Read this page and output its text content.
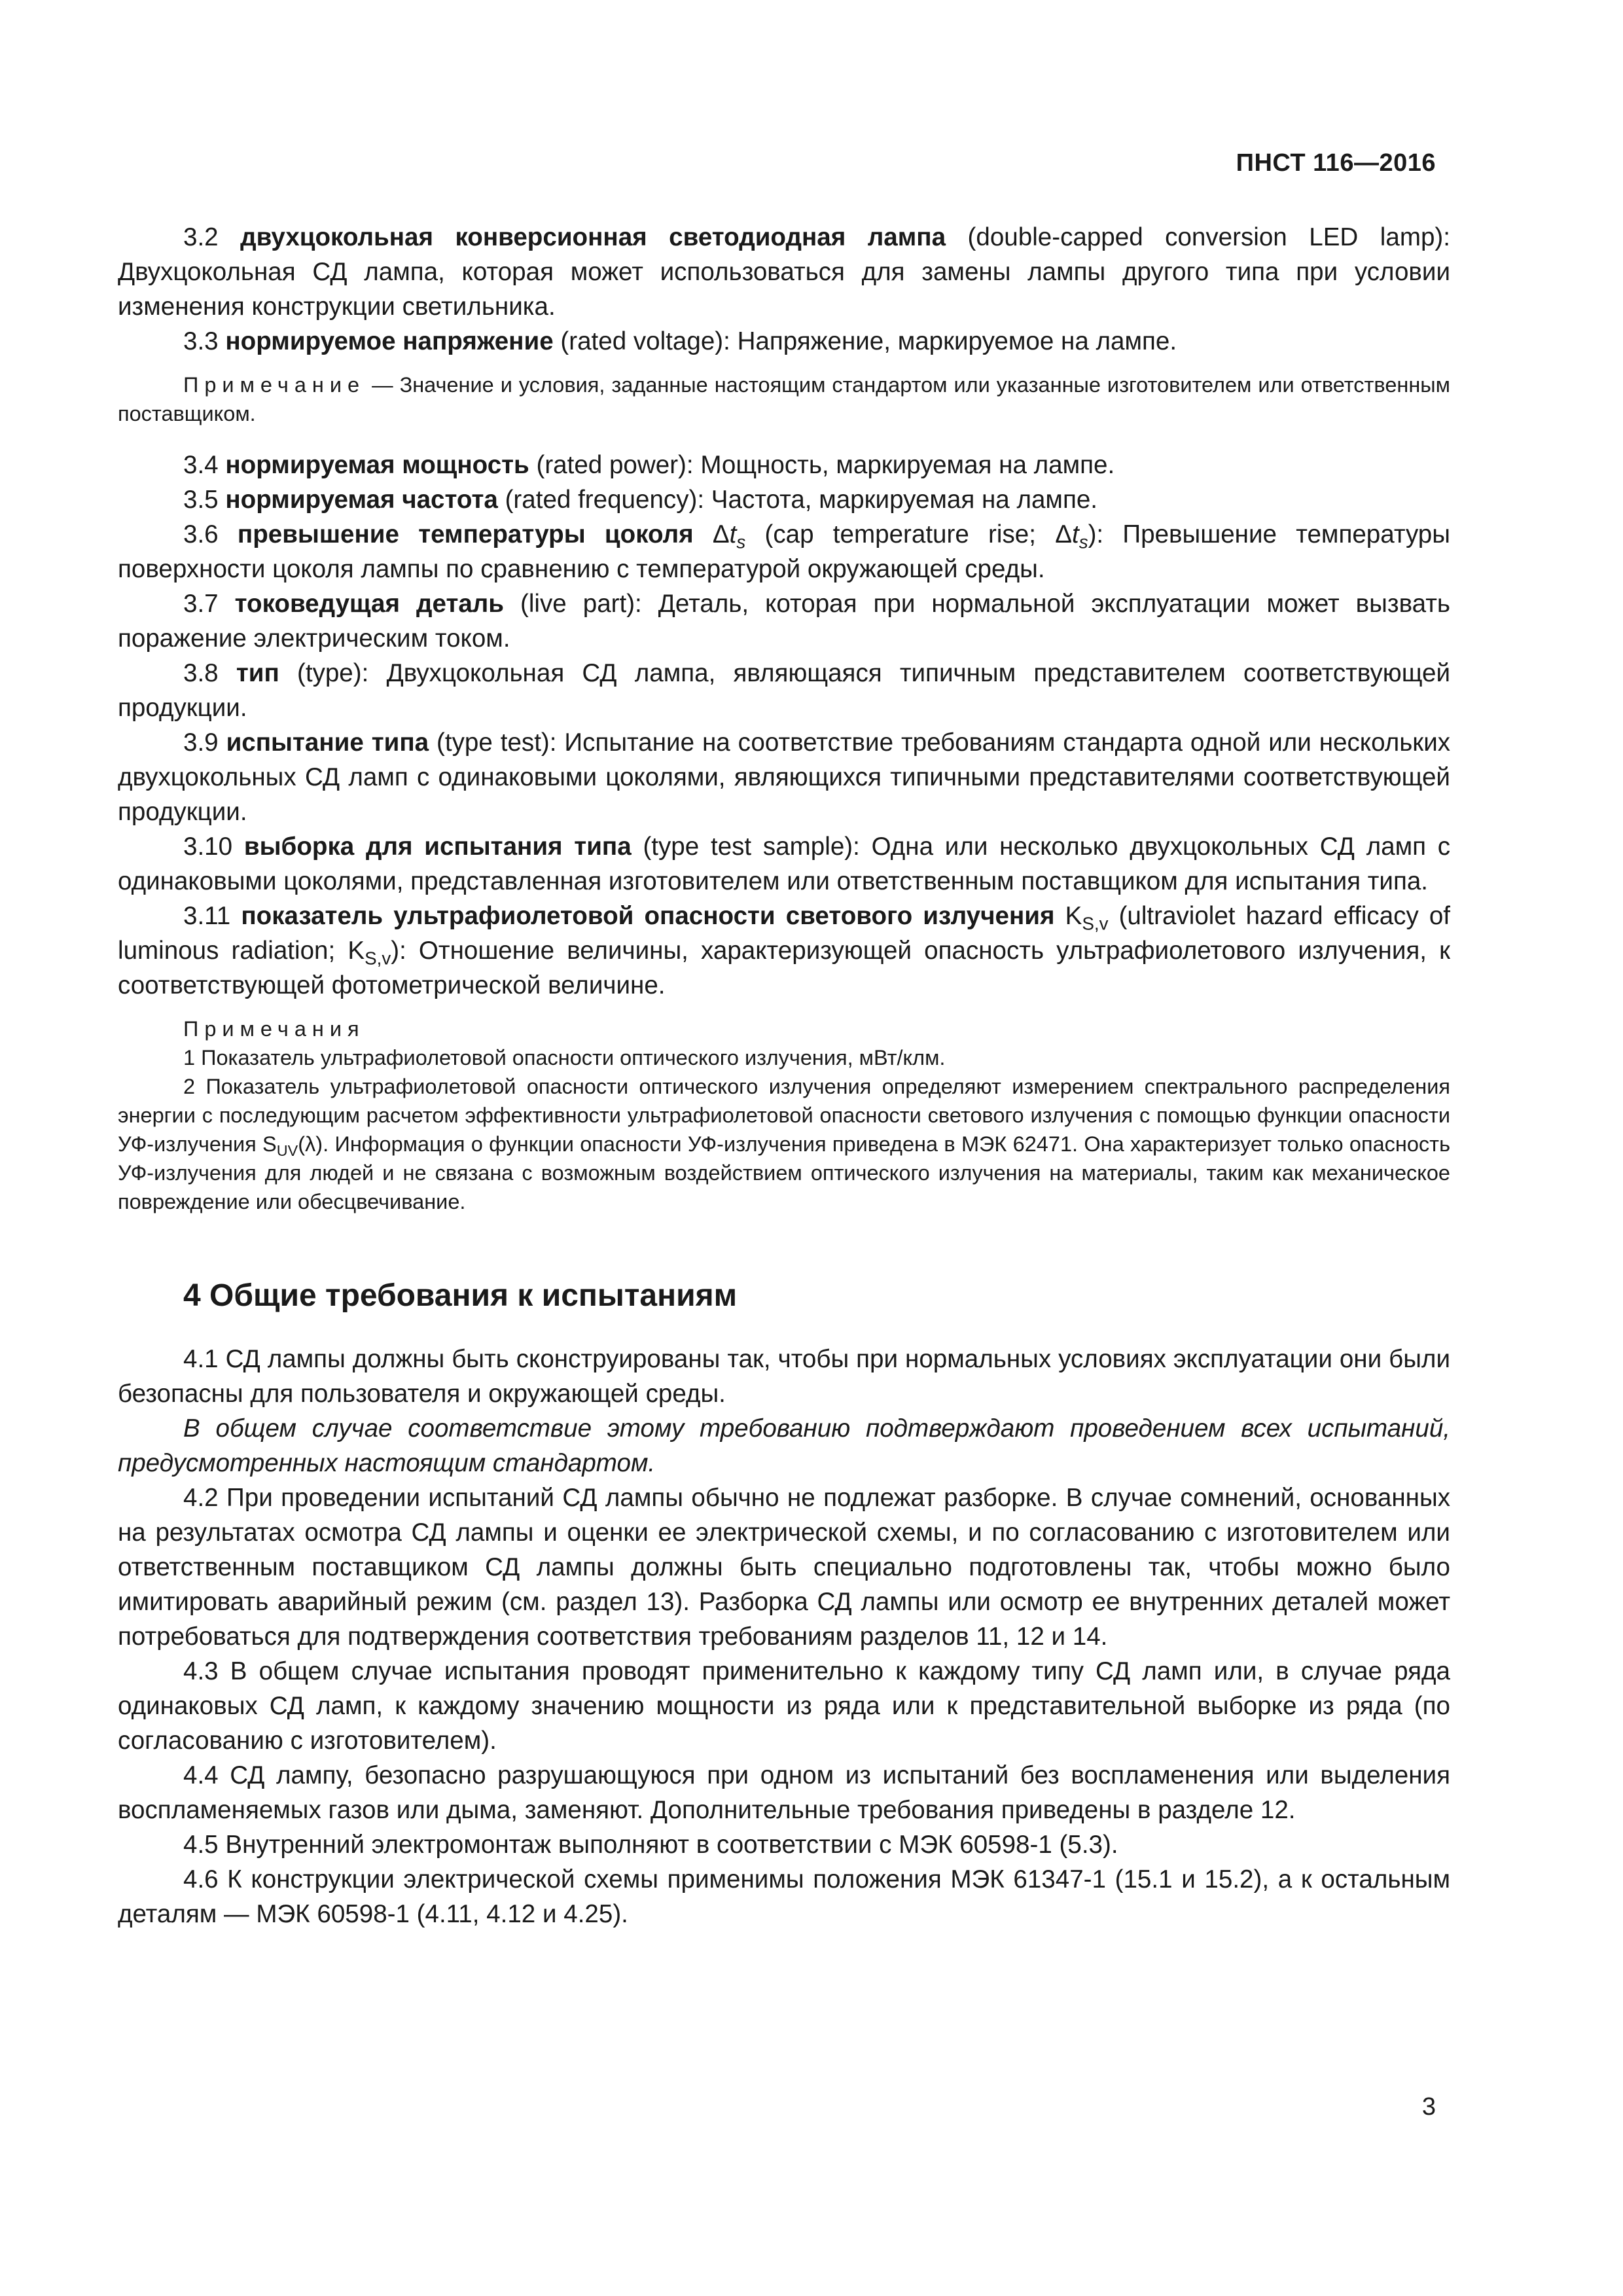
ПНСТ 116—2016

3.2 двухцокольная конверсионная светодиодная лампа (double-capped conversion LED lamp): Двухцокольная СД лампа, которая может использоваться для замены лампы другого типа при условии изменения конструкции светильника.

3.3 нормируемое напряжение (rated voltage): Напряжение, маркируемое на лампе.

Примечание — Значение и условия, заданные настоящим стандартом или указанные изготовителем или ответственным поставщиком.

3.4 нормируемая мощность (rated power): Мощность, маркируемая на лампе.

3.5 нормируемая частота (rated frequency): Частота, маркируемая на лампе.

3.6 превышение температуры цоколя $\Delta t_s$ (cap temperature rise; $\Delta t_s$): Превышение температуры поверхности цоколя лампы по сравнению с температурой окружающей среды.

3.7 токоведущая деталь (live part): Деталь, которая при нормальной эксплуатации может вызвать поражение электрическим током.

3.8 тип (type): Двухцокольная СД лампа, являющаяся типичным представителем соответствующей продукции.

3.9 испытание типа (type test): Испытание на соответствие требованиям стандарта одной или нескольких двухцокольных СД ламп с одинаковыми цоколями, являющихся типичными представителями соответствующей продукции.

3.10 выборка для испытания типа (type test sample): Одна или несколько двухцокольных СД ламп с одинаковыми цоколями, представленная изготовителем или ответственным поставщиком для испытания типа.

3.11 показатель ультрафиолетовой опасности светового излучения $K_{S,v}$ (ultraviolet hazard efficacy of luminous radiation; $K_{S,v}$): Отношение величины, характеризующей опасность ультрафиолетового излучения, к соответствующей фотометрической величине.

Примечания

1 Показатель ультрафиолетовой опасности оптического излучения, мВт/клм.

2 Показатель ультрафиолетовой опасности оптического излучения определяют измерением спектрального распределения энергии с последующим расчетом эффективности ультрафиолетовой опасности светового излучения с помощью функции опасности УФ-излучения $S_{UV}(\lambda)$. Информация о функции опасности УФ-излучения приведена в МЭК 62471. Она характеризует только опасность УФ-излучения для людей и не связана с возможным воздействием оптического излучения на материалы, таким как механическое повреждение или обесцвечивание.

4 Общие требования к испытаниям

4.1 СД лампы должны быть сконструированы так, чтобы при нормальных условиях эксплуатации они были безопасны для пользователя и окружающей среды.

В общем случае соответствие этому требованию подтверждают проведением всех испытаний, предусмотренных настоящим стандартом.

4.2 При проведении испытаний СД лампы обычно не подлежат разборке. В случае сомнений, основанных на результатах осмотра СД лампы и оценки ее электрической схемы, и по согласованию с изготовителем или ответственным поставщиком СД лампы должны быть специально подготовлены так, чтобы можно было имитировать аварийный режим (см. раздел 13). Разборка СД лампы или осмотр ее внутренних деталей может потребоваться для подтверждения соответствия требованиям разделов 11, 12 и 14.

4.3 В общем случае испытания проводят применительно к каждому типу СД ламп или, в случае ряда одинаковых СД ламп, к каждому значению мощности из ряда или к представительной выборке из ряда (по согласованию с изготовителем).

4.4 СД лампу, безопасно разрушающуюся при одном из испытаний без воспламенения или выделения воспламеняемых газов или дыма, заменяют. Дополнительные требования приведены в разделе 12.

4.5 Внутренний электромонтаж выполняют в соответствии с МЭК 60598-1 (5.3).

4.6 К конструкции электрической схемы применимы положения МЭК 61347-1 (15.1 и 15.2), а к остальным деталям — МЭК 60598-1 (4.11, 4.12 и 4.25).

3
